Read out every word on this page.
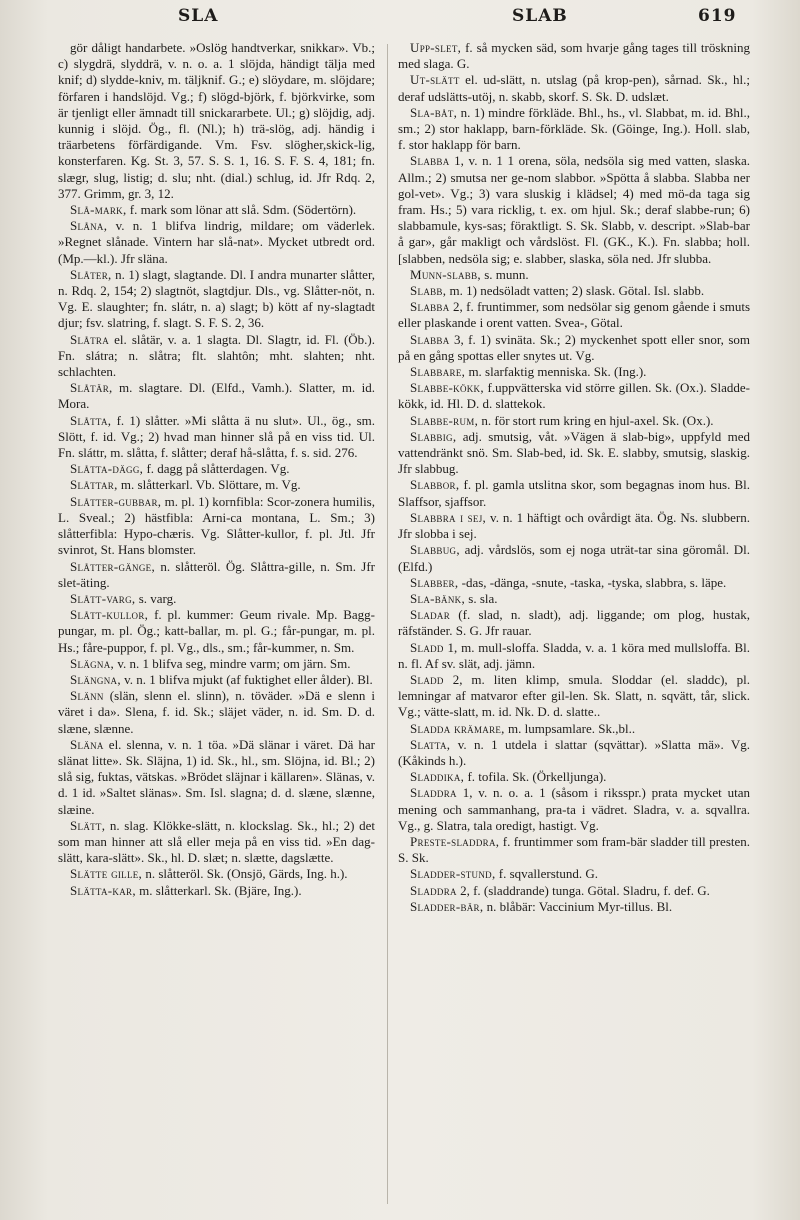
SLA	SLAB	619

gör dåligt handarbete. »Oslög handtverkar, snikkar». Vb.; c) slygdrä, slyddrä, v. n. o. a. 1 slöjda, händigt tälja med knif; d) slydde-kniv, m. täljknif. G.; e) slöydare, m. slöjdare; förfaren i handslöjd. Vg.; f) slögd-björk, f. björkvirke, som är tjenligt eller ämnadt till snickararbete. Ul.; g) slöjdig, adj. kunnig i slöjd. Ög., fl. (Nl.); h) trä-slög, adj. händig i träarbetens förfärdigande. Vm. Fsv. slögher,skick-lig, konsterfaren. Kg. St. 3, 57. S. S. 1, 16. S. F. S. 4, 181; fn. slægr, slug, listig; d. slu; nht. (dial.) schlug, id. Jfr Rdq. 2, 377. Grimm, gr. 3, 12.

Slå-mark, f. mark som lönar att slå. Sdm. (Södertörn).

Slåna, v. n. 1 blifva lindrig, mildare; om väderlek. »Regnet slånade. Vintern har slå-nat». Mycket utbredt ord. (Mp.—kl.). Jfr släna.

Slåter, n. 1) slagt, slagtande. Dl. I andra munarter slåtter, n. Rdq. 2, 154; 2) slagtnöt, slagtdjur. Dls., vg. Slåtter-nöt, n. Vg. E. slaughter; fn. slátr, n. a) slagt; b) kött af ny-slagtadt djur; fsv. slatring, f. slagt. S. F. S. 2, 36.

Slåtra el. slåtär, v. a. 1 slagta. Dl. Slagtr, id. Fl. (Öb.). Fn. slátra; n. slåtra; flt. slahtôn; mht. slahten; nht. schlachten.

Slåtär, m. slagtare. Dl. (Elfd., Vamh.). Slatter, m. id. Mora.

Slåtta, f. 1) slåtter. »Mi slåtta ä nu slut». Ul., ög., sm. Slött, f. id. Vg.; 2) hvad man hinner slå på en viss tid. Ul. Fn. sláttr, m. slåtta, f. slåtter; deraf hå-slåtta, f. s. sid. 276.

Slåtta-dägg, f. dagg på slåtterdagen. Vg.

Slåttar, m. slåtterkarl. Vb. Slöttare, m. Vg.

Slåtter-gubbar, m. pl. 1) kornfibla: Scor-zonera humilis, L. Sveal.; 2) hästfibla: Arni-ca montana, L. Sm.; 3) slåtterfibla: Hypo-chæris. Vg. Slåtter-kullor, f. pl. Jtl. Jfr svinrot, St. Hans blomster.

Slåtter-gänge, n. slåtteröl. Ög. Slåttra-gille, n. Sm. Jfr slet-äting.

Slått-varg, s. varg.

Slått-kullor, f. pl. kummer: Geum rivale. Mp. Bagg-pungar, m. pl. Ög.; katt-ballar, m. pl. G.; får-pungar, m. pl. Hs.; fåre-puppor, f. pl. Vg., dls., sm.; får-kummer, n. Sm.

Slägna, v. n. 1 blifva seg, mindre varm; om järn. Sm.

Slängna, v. n. 1 blifva mjukt (af fuktighet eller ålder). Bl.

Slänn (slän, slenn el. slinn), n. töväder. »Dä e slenn i väret i da». Slena, f. id. Sk.; släjet väder, n. id. Sm. D. d. slæne, slænne.

Släna el. slenna, v. n. 1 töa. »Dä slänar i väret. Dä har slänat litte». Sk. Släjna, 1) id. Sk., hl., sm. Slöjna, id. Bl.; 2) slå sig, fuktas, vätskas. »Brödet släjnar i källaren». Slänas, v. d. 1 id. »Saltet slänas». Sm. Isl. slagna; d. d. slæne, slænne, slæine.

Slätt, n. slag. Klökke-slätt, n. klockslag. Sk., hl.; 2) det som man hinner att slå eller meja på en viss tid. »En dag-slätt, kara-slätt». Sk., hl. D. slæt; n. slætte, dagslætte.

Slätte gille, n. slåtteröl. Sk. (Onsjö, Gärds, Ing. h.).

Slätta-kar, m. slåtterkarl. Sk. (Bjäre, Ing.).

Upp-slet, f. så mycken säd, som hvarje gång tages till tröskning med slaga. G.

Ut-slätt el. ud-slätt, n. utslag (på krop-pen), sårnad. Sk., hl.; deraf udslätts-utöj, n. skabb, skorf. S. Sk. D. udslæt.

Sla-båt, n. 1) mindre förkläde. Bhl., hs., vl. Slabbat, m. id. Bhl., sm.; 2) stor haklapp, barn-förkläde. Sk. (Göinge, Ing.). Holl. slab, f. stor haklapp för barn.

Slabba 1, v. n. 1 1 orena, söla, nedsöla sig med vatten, slaska. Allm.; 2) smutsa ner ge-nom slabbor. »Spötta å slabba. Slabba ner gol-vet». Vg.; 3) vara sluskig i klädsel; 4) med mö-da taga sig fram. Hs.; 5) vara ricklig, t. ex. om hjul. Sk.; deraf slabbe-run; 6) slabbamule, kys-sas; föraktligt. S. Sk. Slabb, v. descript. »Slab-bar å gar», går makligt och vårdslöst. Fl. (GK., K.). Fn. slabba; holl.[slabben, nedsöla sig; e. slabber, slaska, söla ned. Jfr slubba.

Munn-slabb, s. munn.

Slabb, m. 1) nedsöladt vatten; 2) slask. Götal. Isl. slabb.

Slabba 2, f. fruntimmer, som nedsölar sig genom gående i smuts eller plaskande i orent vatten. Svea-, Götal.

Slabba 3, f. 1) svinäta. Sk.; 2) myckenhet spott eller snor, som på en gång spottas eller snytes ut. Vg.

Slabbare, m. slarfaktig menniska. Sk. (Ing.).

Slabbe-kökk, f.uppvätterska vid större gillen. Sk. (Ox.). Sladde-kökk, id. Hl. D. d. slattekok.

Slabbe-rum, n. för stort rum kring en hjul-axel. Sk. (Ox.).

Slabbig, adj. smutsig, våt. »Vägen ä slab-big», uppfyld med vattendränkt snö. Sm. Slab-bed, id. Sk. E. slabby, smutsig, slaskig. Jfr slabbug.

Slabbor, f. pl. gamla utslitna skor, som begagnas inom hus. Bl. Slaffsor, sjaffsor.

Slabbra i sej, v. n. 1 häftigt och ovårdigt äta. Ög. Ns. slubbern. Jfr slobba i sej.

Slabbug, adj. vårdslös, som ej noga uträt-tar sina göromål. Dl. (Elfd.)

Slabber, -das, -dänga, -snute, -taska, -tyska, slabbra, s. läpe.

Sla-bänk, s. sla.

Sladar (f. slad, n. sladt), adj. liggande; om plog, hustak, räfständer. S. G. Jfr rauar.

Sladd 1, m. mull-sloffa. Sladda, v. a. 1 köra med mullsloffa. Bl. n. fl. Af sv. slät, adj. jämn.

Sladd 2, m. liten klimp, smula. Sloddar (el. sladdc), pl. lemningar af matvaror efter gil-len. Sk. Slatt, n. sqvätt, tår, slick. Vg.; vätte-slatt, m. id. Nk. D. d. slatte..

Sladda krämare, m. lumpsamlare. Sk.,bl..

Slatta, v. n. 1 utdela i slattar (sqvättar). »Slatta mä». Vg. (Kåkinds h.).

Sladdika, f. tofila. Sk. (Örkelljunga).

Sladdra 1, v. n. o. a. 1 (såsom i riksspr.) prata mycket utan mening och sammanhang, pra-ta i vädret. Sladra, v. a. sqvallra. Vg., g. Slatra, tala oredigt, hastigt. Vg.

Preste-sladdra, f. fruntimmer som fram-bär sladder till presten. S. Sk.

Sladder-stund, f. sqvallerstund. G.

Sladdra 2, f. (sladdrande) tunga. Götal. Sladru, f. def. G.

Sladder-bär, n. blåbär: Vaccinium Myr-tillus. Bl.
